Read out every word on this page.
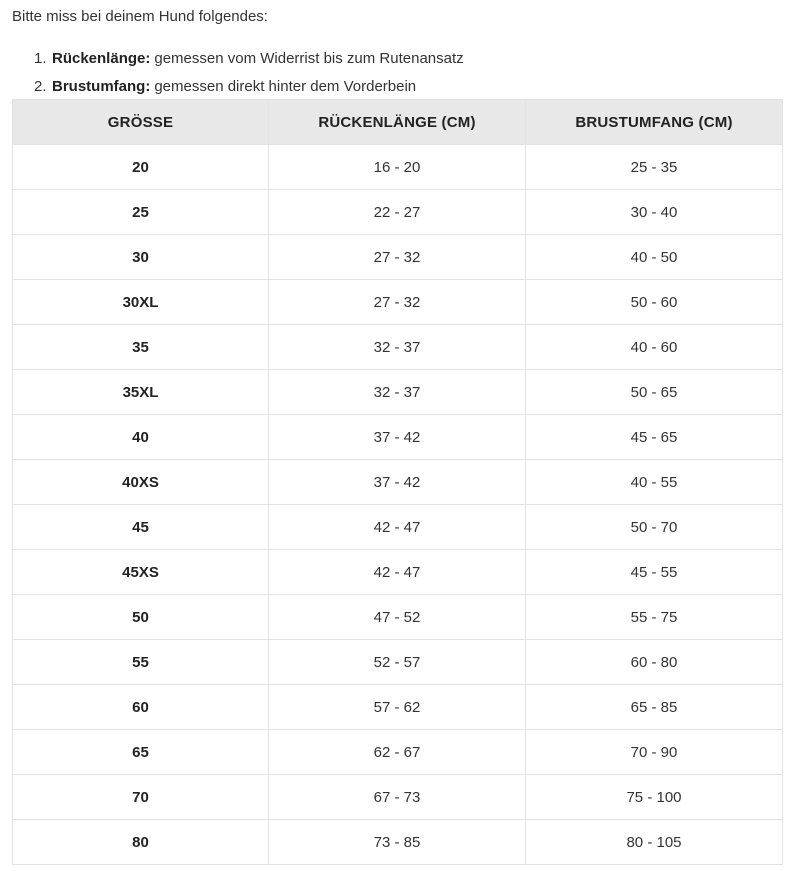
Bitte miss bei deinem Hund folgendes:

1. Rückenlänge: gemessen vom Widerrist bis zum Rutenansatz
2. Brustumfang: gemessen direkt hinter dem Vorderbein
GRÖSSE	RÜCKENLÄNGE (CM)	BRUSTUMFANG (CM)
20	16 - 20	25 - 35
25	22 - 27	30 - 40
30	27 - 32	40 - 50
30XL	27 - 32	50 - 60
35	32 - 37	40 - 60
35XL	32 - 37	50 - 65
40	37 - 42	45 - 65
40XS	37 - 42	40 - 55
45	42 - 47	50 - 70
45XS	42 - 47	45 - 55
50	47 - 52	55 - 75
55	52 - 57	60 - 80
60	57 - 62	65 - 85
65	62 - 67	70 - 90
70	67 - 73	75 - 100
80	73 - 85	80 - 105
